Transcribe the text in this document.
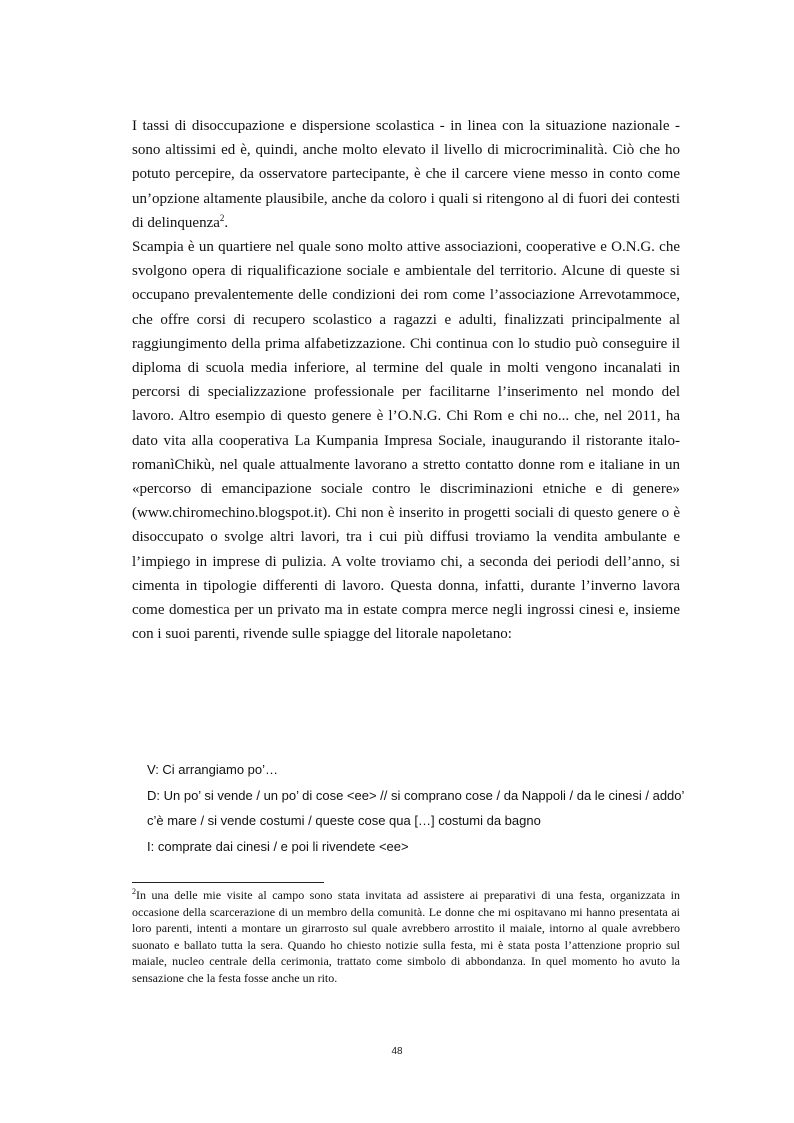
I tassi di disoccupazione e dispersione scolastica - in linea con la situazione nazionale - sono altissimi ed è, quindi, anche molto elevato il livello di microcriminalità. Ciò che ho potuto percepire, da osservatore partecipante, è che il carcere viene messo in conto come un’opzione altamente plausibile, anche da coloro i quali si ritengono al di fuori dei contesti di delinquenza$^2$.

Scampia è un quartiere nel quale sono molto attive associazioni, cooperative e O.N.G. che svolgono opera di riqualificazione sociale e ambientale del territorio. Alcune di queste si occupano prevalentemente delle condizioni dei rom come l’associazione Arrevotammoce, che offre corsi di recupero scolastico a ragazzi e adulti, finalizzati principalmente al raggiungimento della prima alfabetizzazione. Chi continua con lo studio può conseguire il diploma di scuola media inferiore, al termine del quale in molti vengono incanalati in percorsi di specializzazione professionale per facilitarne l’inserimento nel mondo del lavoro. Altro esempio di questo genere è l’O.N.G. Chi Rom e chi no... che, nel 2011, ha dato vita alla cooperativa La Kumpania Impresa Sociale, inaugurando il ristorante italo-romanìChikù, nel quale attualmente lavorano a stretto contatto donne rom e italiane in un «percorso di emancipazione sociale contro le discriminazioni etniche e di genere» (www.chiromechino.blogspot.it). Chi non è inserito in progetti sociali di questo genere o è disoccupato o svolge altri lavori, tra i cui più diffusi troviamo la vendita ambulante e l’impiego in imprese di pulizia. A volte troviamo chi, a seconda dei periodi dell’anno, si cimenta in tipologie differenti di lavoro. Questa donna, infatti, durante l’inverno lavora come domestica per un privato ma in estate compra merce negli ingrossi cinesi e, insieme con i suoi parenti, rivende sulle spiagge del litorale napoletano:

V: Ci arrangiamo po’…

D: Un po’ si vende / un po’ di cose <ee> // si comprano cose / da Nappoli / da le cinesi / addo’ c’è mare / si vende costumi / queste cose qua […] costumi da bagno

I: comprate dai cinesi / e poi li rivendete <ee>

$^2$In una delle mie visite al campo sono stata invitata ad assistere ai preparativi di una festa, organizzata in occasione della scarcerazione di un membro della comunità. Le donne che mi ospitavano mi hanno presentata ai loro parenti, intenti a montare un girarrosto sul quale avrebbero arrostito il maiale, intorno al quale avrebbero suonato e ballato tutta la sera. Quando ho chiesto notizie sulla festa, mi è stata posta l’attenzione proprio sul maiale, nucleo centrale della cerimonia, trattato come simbolo di abbondanza. In quel momento ho avuto la sensazione che la festa fosse anche un rito.
48
